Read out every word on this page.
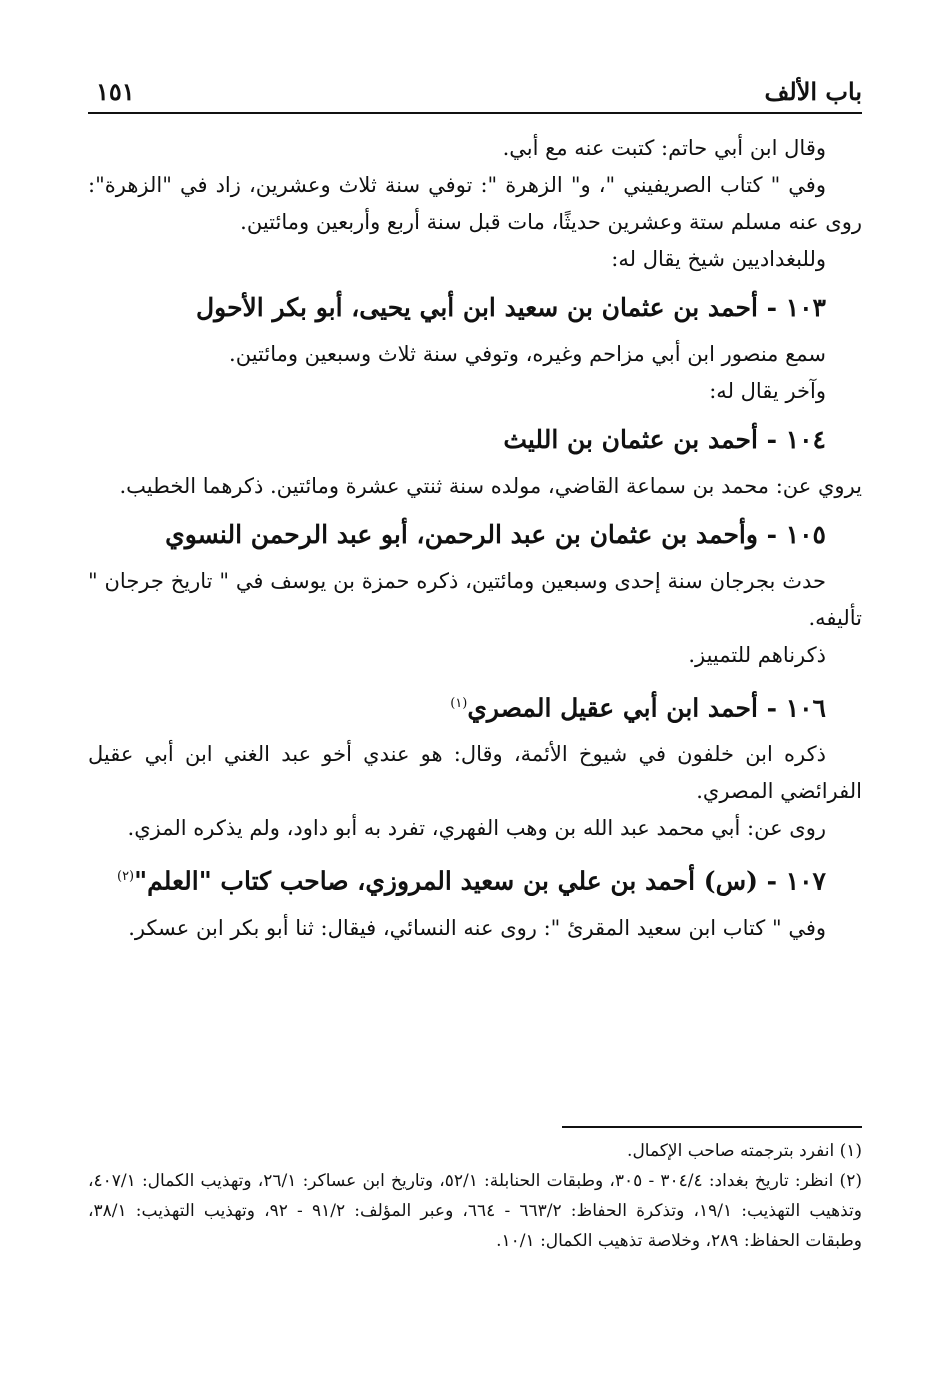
باب الألف
١٥١

وقال ابن أبي حاتم: كتبت عنه مع أبي.

وفي " كتاب الصريفيني "، و" الزهرة ": توفي سنة ثلاث وعشرين، زاد في "الزهرة": روى عنه مسلم ستة وعشرين حديثًا، مات قبل سنة أربع وأربعين ومائتين.

وللبغداديين شيخ يقال له:

١٠٣ - أحمد بن عثمان بن سعيد ابن أبي يحيى، أبو بكر الأحول

سمع منصور ابن أبي مزاحم وغيره، وتوفي سنة ثلاث وسبعين ومائتين.

وآخر يقال له:

١٠٤ - أحمد بن عثمان بن الليث

يروي عن: محمد بن سماعة القاضي، مولده سنة ثنتي عشرة ومائتين. ذكرهما الخطيب.

١٠٥ - وأحمد بن عثمان بن عبد الرحمن، أبو عبد الرحمن النسوي

حدث بجرجان سنة إحدى وسبعين ومائتين، ذكره حمزة بن يوسف في " تاريخ جرجان " تأليفه.

ذكرناهم للتمييز.

١٠٦ - أحمد ابن أبي عقيل المصري$^{(١)}$

ذكره ابن خلفون في شيوخ الأئمة، وقال: هو عندي أخو عبد الغني ابن أبي عقيل الفرائضي المصري.

روى عن: أبي محمد عبد الله بن وهب الفهري، تفرد به أبو داود، ولم يذكره المزي.

١٠٧ - (س) أحمد بن علي بن سعيد المروزي، صاحب كتاب "العلم"$^{(٢)}$

وفي " كتاب ابن سعيد المقرئ ": روى عنه النسائي، فيقال: ثنا أبو بكر ابن عسكر.

(١) انفرد بترجمته صاحب الإكمال.

(٢) انظر: تاريخ بغداد: ٣٠٤/٤ - ٣٠٥، وطبقات الحنابلة: ٥٢/١، وتاريخ ابن عساكر: ٢٦/١، وتهذيب الكمال: ٤٠٧/١، وتذهيب التهذيب: ١٩/١، وتذكرة الحفاظ: ٦٦٣/٢ - ٦٦٤، وعبر المؤلف: ٩١/٢ - ٩٢، وتهذيب التهذيب: ٣٨/١، وطبقات الحفاظ: ٢٨٩، وخلاصة تذهيب الكمال: ١٠/١.
